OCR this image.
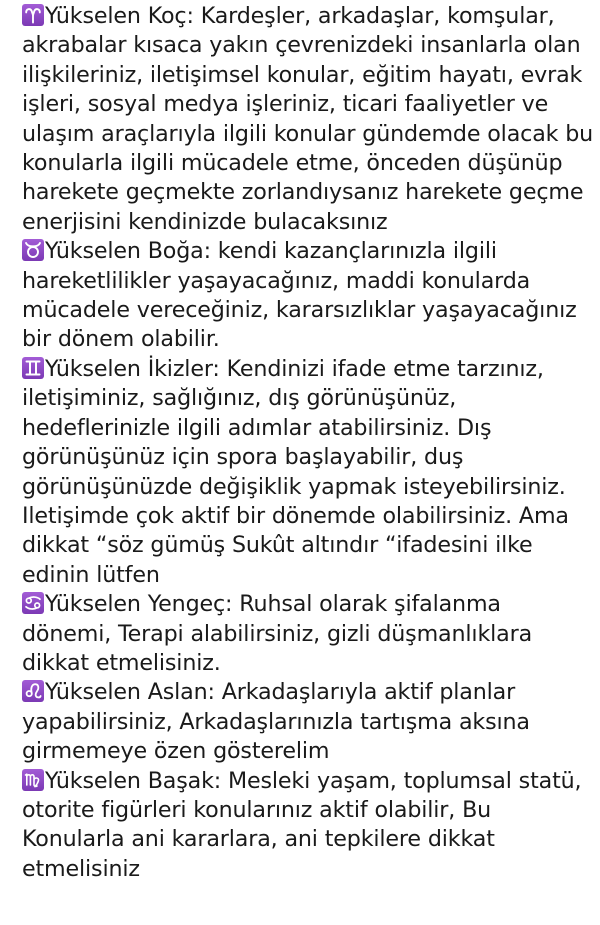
Yükselen Koç: Kardeşler, arkadaşlar, komşular, akrabalar kısaca yakın çevrenizdeki insanlarla olan ilişkileriniz, iletişimsel konular, eğitim hayatı, evrak işleri, sosyal medya işleriniz, ticari faaliyetler ve ulaşım araçlarıyla ilgili konular gündemde olacak bu konularla ilgili mücadele etme, önceden düşünüp harekete geçmekte zorlandıysanız harekete geçme enerjisini kendinizde bulacaksınız

Yükselen Boğa: kendi kazançlarınızla ilgili hareketlilikler yaşayacağınız, maddi konularda mücadele vereceğiniz, kararsızlıklar yaşayacağınız bir dönem olabilir.

Yükselen İkizler: Kendinizi ifade etme tarzınız, iletişiminiz, sağlığınız, dış görünüşünüz, hedeflerinizle ilgili adımlar atabilirsiniz. Dış görünüşünüz için spora başlayabilir, duş görünüşünüzde değişiklik yapmak isteyebilirsiniz. Iletişimde çok aktif bir dönemde olabilirsiniz. Ama dikkat “söz gümüş Sukût altındır “ifadesini ilke edinin lütfen

Yükselen Yengeç: Ruhsal olarak şifalanma dönemi, Terapi alabilirsiniz, gizli düşmanlıklara dikkat etmelisiniz.

Yükselen Aslan: Arkadaşlarıyla aktif planlar yapabilirsiniz, Arkadaşlarınızla tartışma aksına girmemeye özen gösterelim

Yükselen Başak: Mesleki yaşam, toplumsal statü, otorite figürleri konularınız aktif olabilir, Bu Konularla ani kararlara, ani tepkilere dikkat etmelisiniz
